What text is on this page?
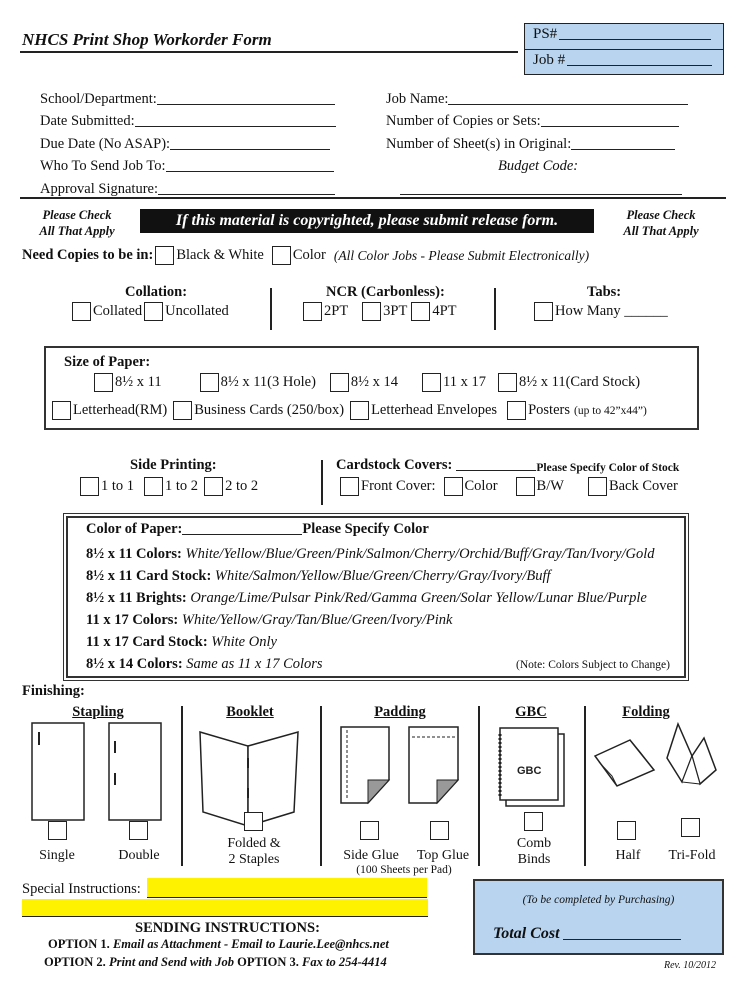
NHCS Print Shop Workorder Form	PS#
Job #
School/Department:
Date Submitted:
Due Date (No ASAP):
Who To Send Job To:
Approval Signature:
Job Name:
Number of Copies or Sets:
Number of Sheet(s) in Original:
Budget Code:
Please Check
All That Apply
If this material is copyrighted, please submit release form.	Please Check
All That Apply
Need Copies to be in: Black & White Color (All Color Jobs - Please Submit Electronically)
Collation:
Collated Uncollated
NCR (Carbonless):
2PT 3PT 4PT
Tabs:
How Many ______
Size of Paper:
8½ x 11	8½ x 11(3 Hole) 8½ x 14	11 x 17 8½ x 11(Card Stock)
Letterhead(RM) Business Cards (250/box) Letterhead Envelopes Posters (up to 42”x44”)
Side Printing:
1 to 1 1 to 2 2 to 2
Cardstock Covers:	Please Specify Color of Stock
Front Cover: Color	B/W	Back Cover
Color of Paper:	Please Specify Color
8½ x 11 Colors: White/Yellow/Blue/Green/Pink/Salmon/Cherry/Orchid/Buff/Gray/Tan/Ivory/Gold
8½ x 11 Card Stock: White/Salmon/Yellow/Blue/Green/Cherry/Gray/Ivory/Buff
8½ x 11 Brights: Orange/Lime/Pulsar Pink/Red/Gamma Green/Solar Yellow/Lunar Blue/Purple
11 x 17 Colors: White/Yellow/Gray/Tan/Blue/Green/Ivory/Pink
11 x 17 Card Stock: White Only
8½ x 14 Colors: Same as 11 x 17 Colors	(Note: Colors Subject to Change)
Finishing:
Stapling	Booklet	Padding	GBC	Folding
GBC
Single	Double
Folded &
2 Staples	Side Glue	Top Glue
(100 Sheets per Pad)
Comb
Binds	Half	Tri-Fold
Special Instructions:
SENDING INSTRUCTIONS:
OPTION 1. Email as Attachment - Email to Laurie.Lee@nhcs.net
OPTION 2. Print and Send with Job OPTION 3. Fax to 254-4414
(To be completed by Purchasing)
Total Cost
Rev. 10/2012
